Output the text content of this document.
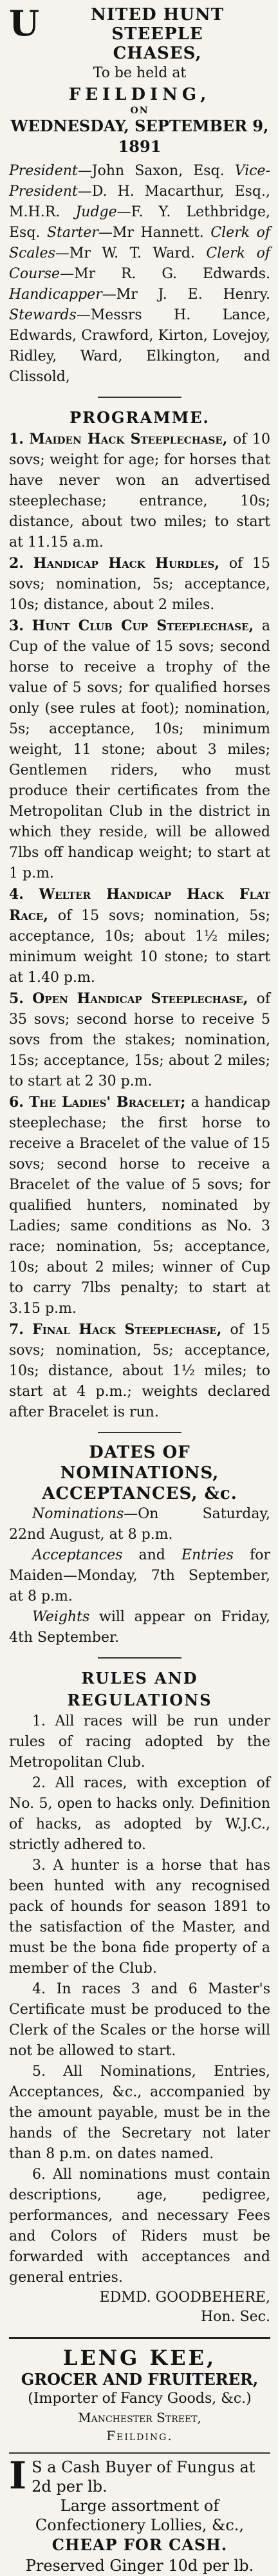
U	NITED HUNT STEEPLE
CHASES,
To be held at
FEILDING,
ON
WEDNESDAY, SEPTEMBER 9, 1891

President—John Saxon, Esq. Vice-President—D. H. Macarthur, Esq., M.H.R. Judge—F. Y. Lethbridge, Esq. Starter—Mr Hannett. Clerk of Scales—Mr W. T. Ward. Clerk of Course—Mr R. G. Edwards. Handicapper—Mr J. E. Henry. Stewards—Messrs H. Lance, Edwards, Crawford, Kirton, Lovejoy, Ridley, Ward, Elkington, and Clissold,

PROGRAMME.

1. Maiden Hack Steeplechase, of 10 sovs; weight for age; for horses that have never won an advertised steeplechase; entrance, 10s; distance, about two miles; to start at 11.15 a.m.

2. Handicap Hack Hurdles, of 15 sovs; nomination, 5s; acceptance, 10s; distance, about 2 miles.

3. Hunt Club Cup Steeplechase, a Cup of the value of 15 sovs; second horse to receive a trophy of the value of 5 sovs; for qualified horses only (see rules at foot); nomination, 5s; acceptance, 10s; minimum weight, 11 stone; about 3 miles; Gentlemen riders, who must produce their certificates from the Metropolitan Club in the district in which they reside, will be allowed 7lbs off handicap weight; to start at 1 p.m.

4. Welter Handicap Hack Flat Race, of 15 sovs; nomination, 5s; acceptance, 10s; about 1½ miles; minimum weight 10 stone; to start at 1.40 p.m.

5. Open Handicap Steeplechase, of 35 sovs; second horse to receive 5 sovs from the stakes; nomination, 15s; acceptance, 15s; about 2 miles; to start at 2 30 p.m.

6. The Ladies' Bracelet; a handicap steeplechase; the first horse to receive a Bracelet of the value of 15 sovs; second horse to receive a Bracelet of the value of 5 sovs; for qualified hunters, nominated by Ladies; same conditions as No. 3 race; nomination, 5s; acceptance, 10s; about 2 miles; winner of Cup to carry 7lbs penalty; to start at 3.15 p.m.

7. Final Hack Steeplechase, of 15 sovs; nomination, 5s; acceptance, 10s; distance, about 1½ miles; to start at 4 p.m.; weights declared after Bracelet is run.

DATES OF NOMINATIONS, ACCEPTANCES, &c.

Nominations—On Saturday, 22nd August, at 8 p.m.

Acceptances and Entries for Maiden—Monday, 7th September, at 8 p.m.

Weights will appear on Friday, 4th September.

RULES AND REGULATIONS

1. All races will be run under rules of racing adopted by the Metropolitan Club.

2. All races, with exception of No. 5, open to hacks only. Definition of hacks, as adopted by W.J.C., strictly adhered to.

3. A hunter is a horse that has been hunted with any recognised pack of hounds for season 1891 to the satisfaction of the Master, and must be the bona fide property of a member of the Club.

4. In races 3 and 6 Master's Certificate must be produced to the Clerk of the Scales or the horse will not be allowed to start.

5. All Nominations, Entries, Acceptances, &c., accompanied by the amount payable, must be in the hands of the Secretary not later than 8 p.m. on dates named.

6. All nominations must contain descriptions, age, pedigree, performances, and necessary Fees and Colors of Riders must be forwarded with acceptances and general entries.

EDMD. GOODBEHERE,
Hon. Sec.
LENG KEE,
GROCER AND FRUITERER,
(Importer of Fancy Goods, &c.)
Manchester Street,
Feilding.
I S a Cash Buyer of Fungus at 2d per lb.
Large assortment of Confectionery Lollies, &c.,
CHEAP FOR CASH.
Preserved Ginger 10d per lb.
